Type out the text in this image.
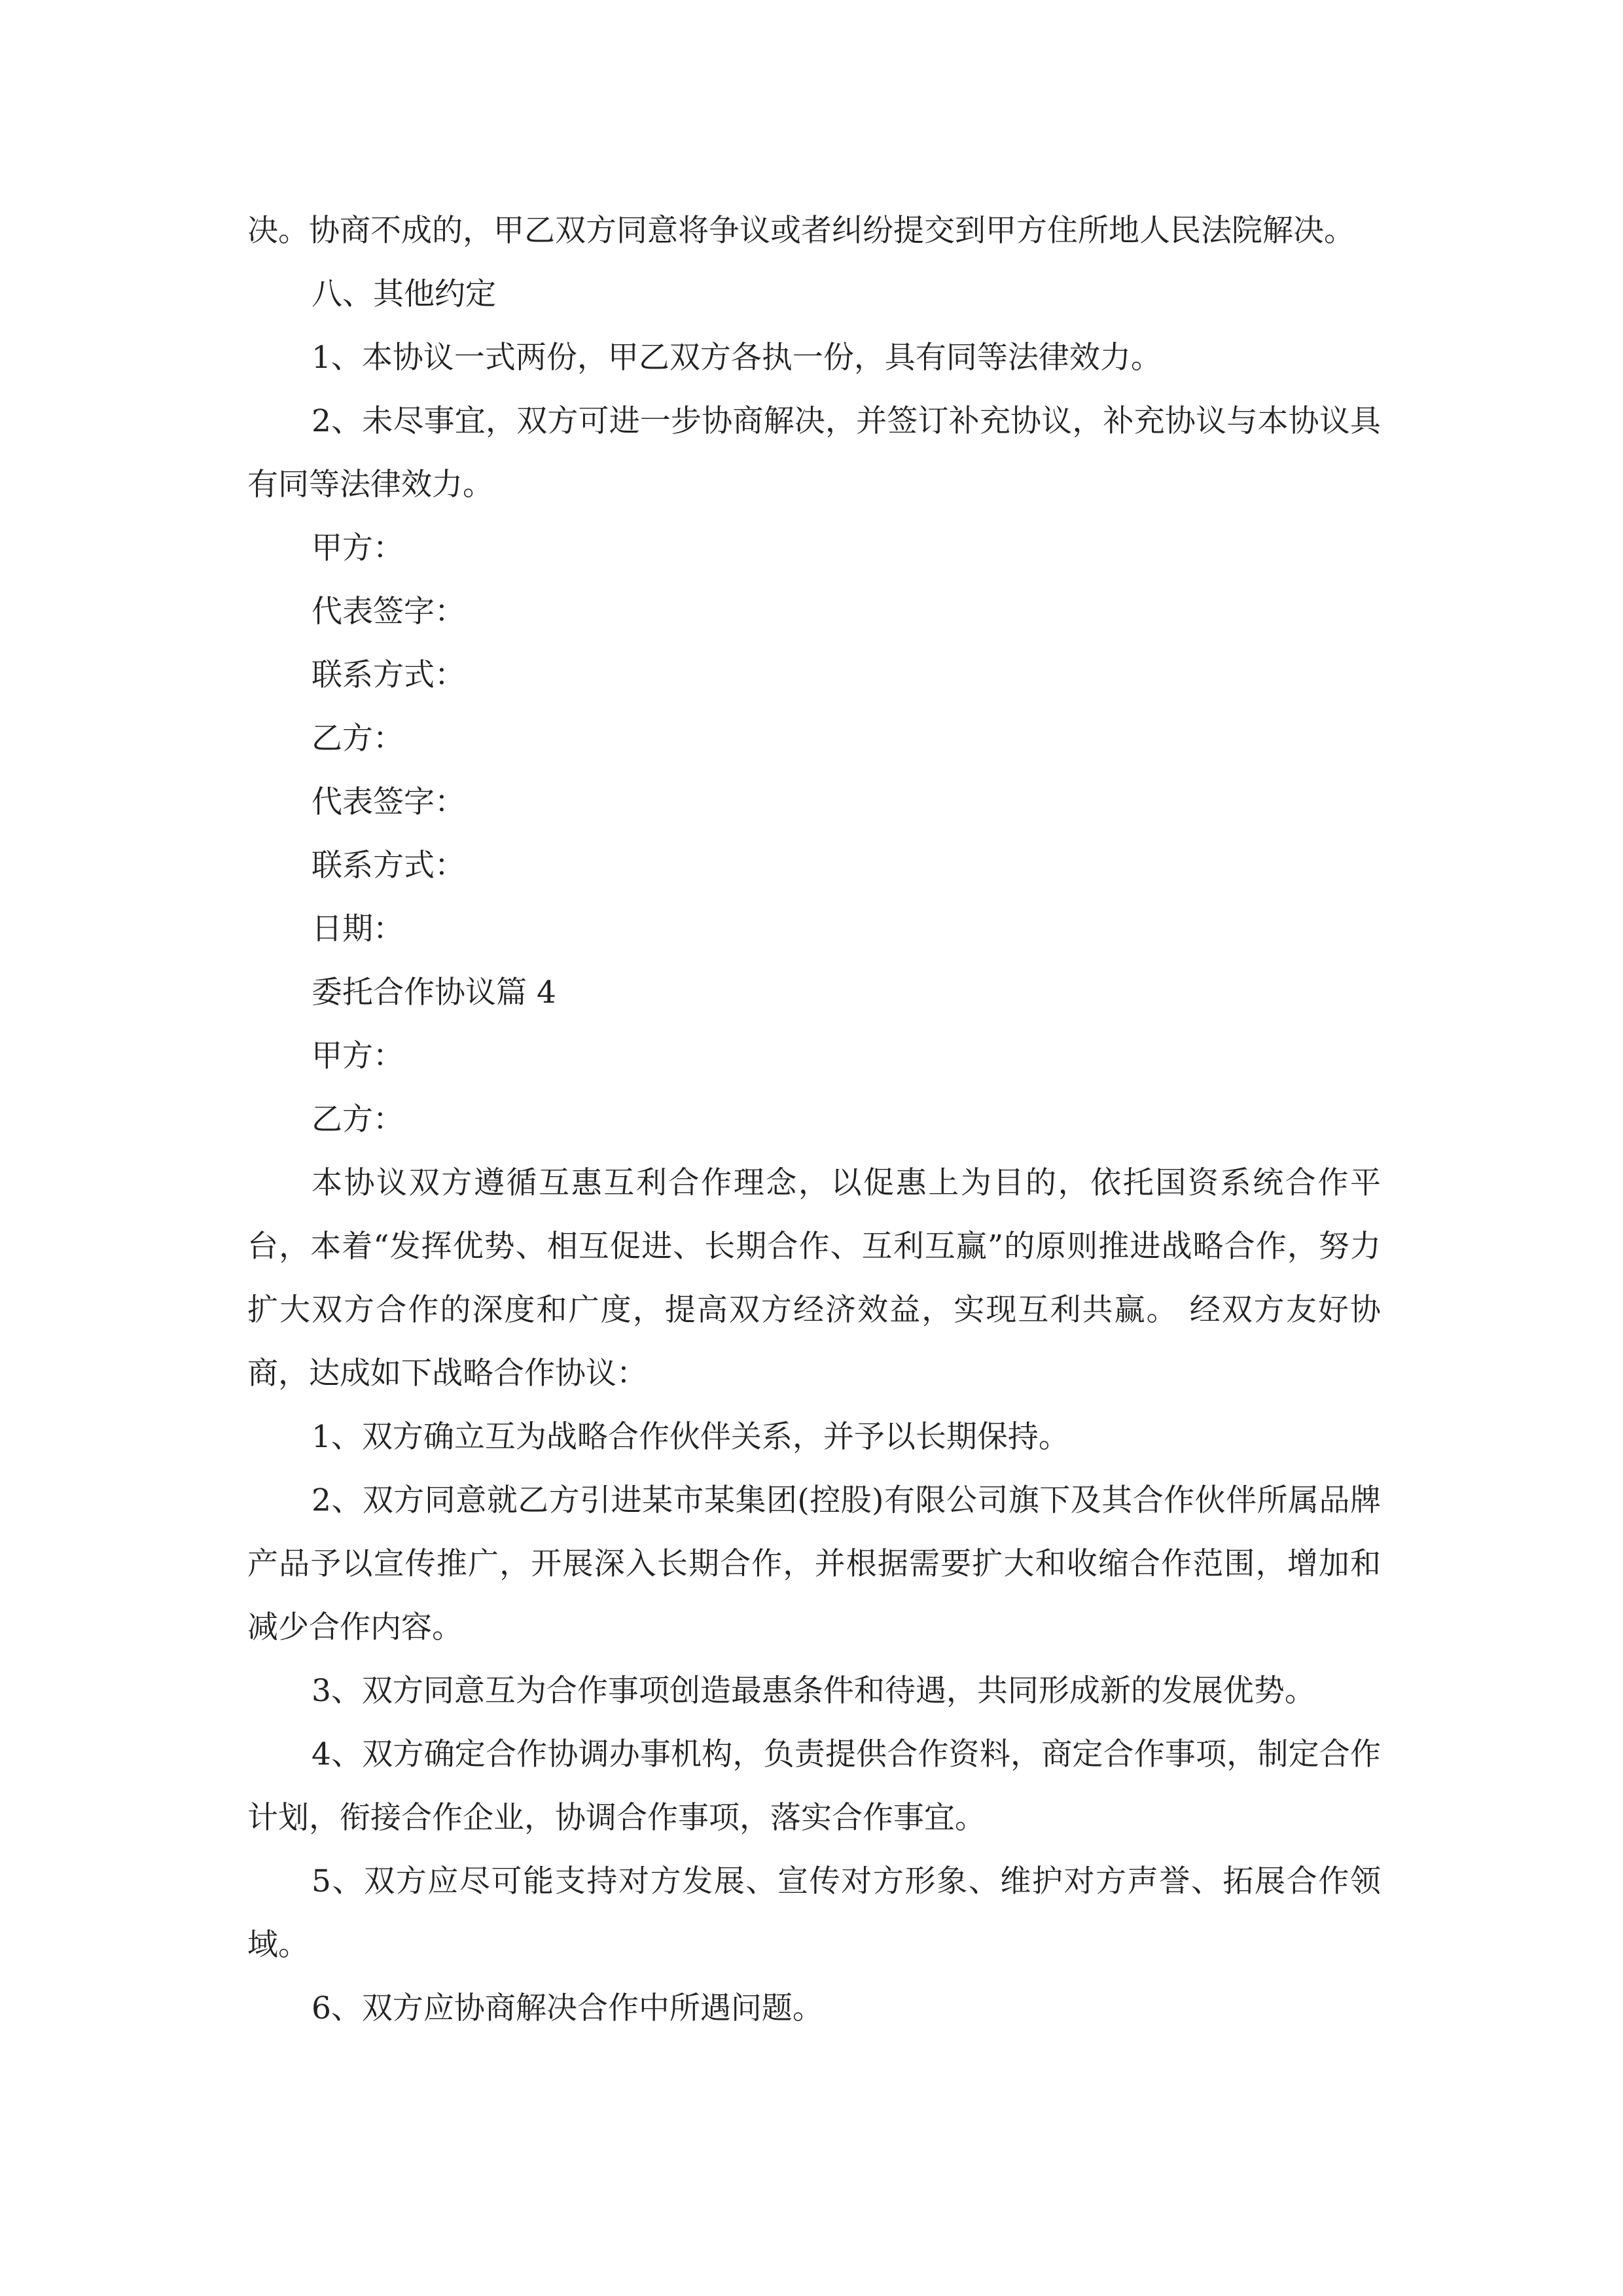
决。协商不成的，甲乙双方同意将争议或者纠纷提交到甲方住所地人民法院解决。

八、其他约定

1、本协议一式两份，甲乙双方各执一份，具有同等法律效力。

2、未尽事宜，双方可进一步协商解决，并签订补充协议，补充协议与本协议具有同等法律效力。

甲方：

代表签字：

联系方式：

乙方：

代表签字：

联系方式：

日期：

委托合作协议篇 4

甲方：

乙方：

本协议双方遵循互惠互利合作理念，以促惠上为目的，依托国资系统合作平台，本着“发挥优势、相互促进、长期合作、互利互赢”的原则推进战略合作，努力扩大双方合作的深度和广度，提高双方经济效益，实现互利共赢。 经双方友好协商，达成如下战略合作协议：

1、双方确立互为战略合作伙伴关系，并予以长期保持。

2、双方同意就乙方引进某市某集团(控股)有限公司旗下及其合作伙伴所属品牌产品予以宣传推广，开展深入长期合作，并根据需要扩大和收缩合作范围，增加和减少合作内容。

3、双方同意互为合作事项创造最惠条件和待遇，共同形成新的发展优势。

4、双方确定合作协调办事机构，负责提供合作资料，商定合作事项，制定合作计划，衔接合作企业，协调合作事项，落实合作事宜。

5、双方应尽可能支持对方发展、宣传对方形象、维护对方声誉、拓展合作领域。

6、双方应协商解决合作中所遇问题。
